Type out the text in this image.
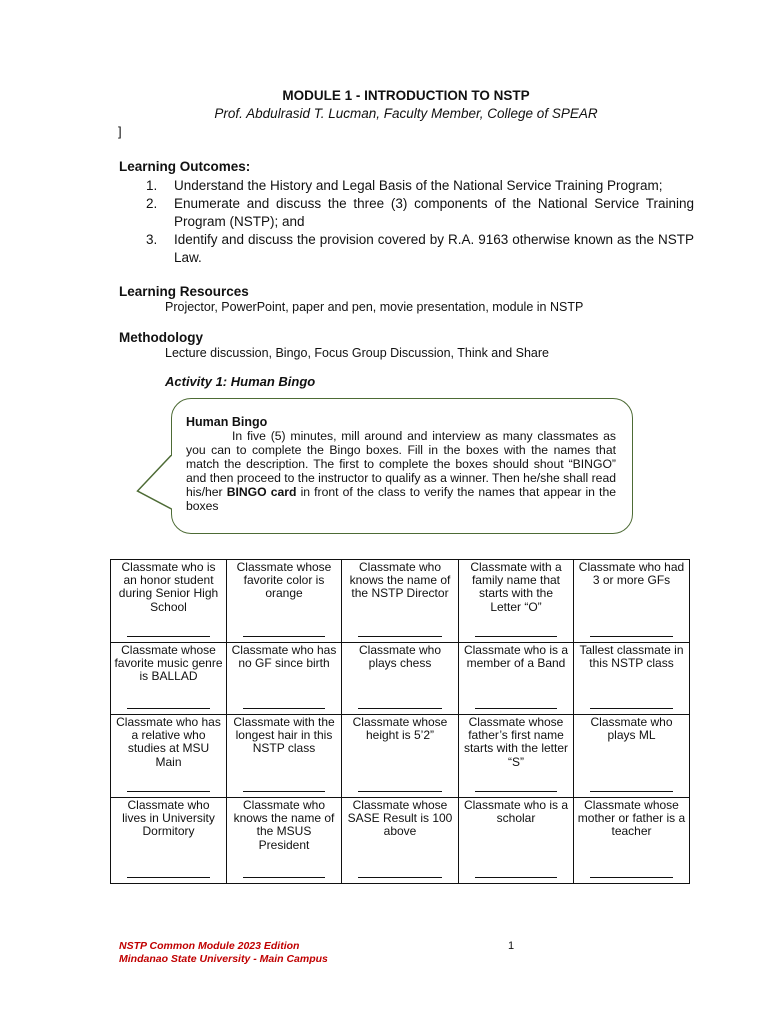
MODULE 1 - INTRODUCTION TO NSTP
Prof. Abdulrasid T. Lucman, Faculty Member, College of SPEAR
]
Learning Outcomes:
1.	Understand the History and Legal Basis of the National Service Training Program;
2.	Enumerate and discuss the three (3) components of the National Service Training Program (NSTP); and
3.	Identify and discuss the provision covered by R.A. 9163 otherwise known as the NSTP Law.
Learning Resources
Projector, PowerPoint, paper and pen, movie presentation, module in NSTP
Methodology
Lecture discussion, Bingo, Focus Group Discussion, Think and Share
Activity 1: Human Bingo
Human Bingo
In five (5) minutes, mill around and interview as many classmates as you can to complete the Bingo boxes. Fill in the boxes with the names that match the description. The first to complete the boxes should shout “BINGO” and then proceed to the instructor to qualify as a winner. Then he/she shall read his/her BINGO card in front of the class to verify the names that appear in the boxes
Classmate who is an honor student during Senior High School	Classmate whose favorite color is orange	Classmate who knows the name of the NSTP Director	Classmate with a family name that starts with the Letter “O”	Classmate who had 3 or more GFs

Classmate whose favorite music genre is BALLAD	Classmate who has no GF since birth	Classmate who plays chess	Classmate who is a member of a Band	Tallest classmate in this NSTP class

Classmate who has a relative who studies at MSU Main	Classmate with the longest hair in this NSTP class	Classmate whose height is 5’2”	Classmate whose father’s first name starts with the letter “S”	Classmate who plays ML

Classmate who lives in University Dormitory	Classmate who knows the name of the MSUS President	Classmate whose SASE Result is 100 above	Classmate who is a scholar	Classmate whose mother or father is a teacher
NSTP Common Module 2023 Edition
Mindanao State University - Main Campus
1
